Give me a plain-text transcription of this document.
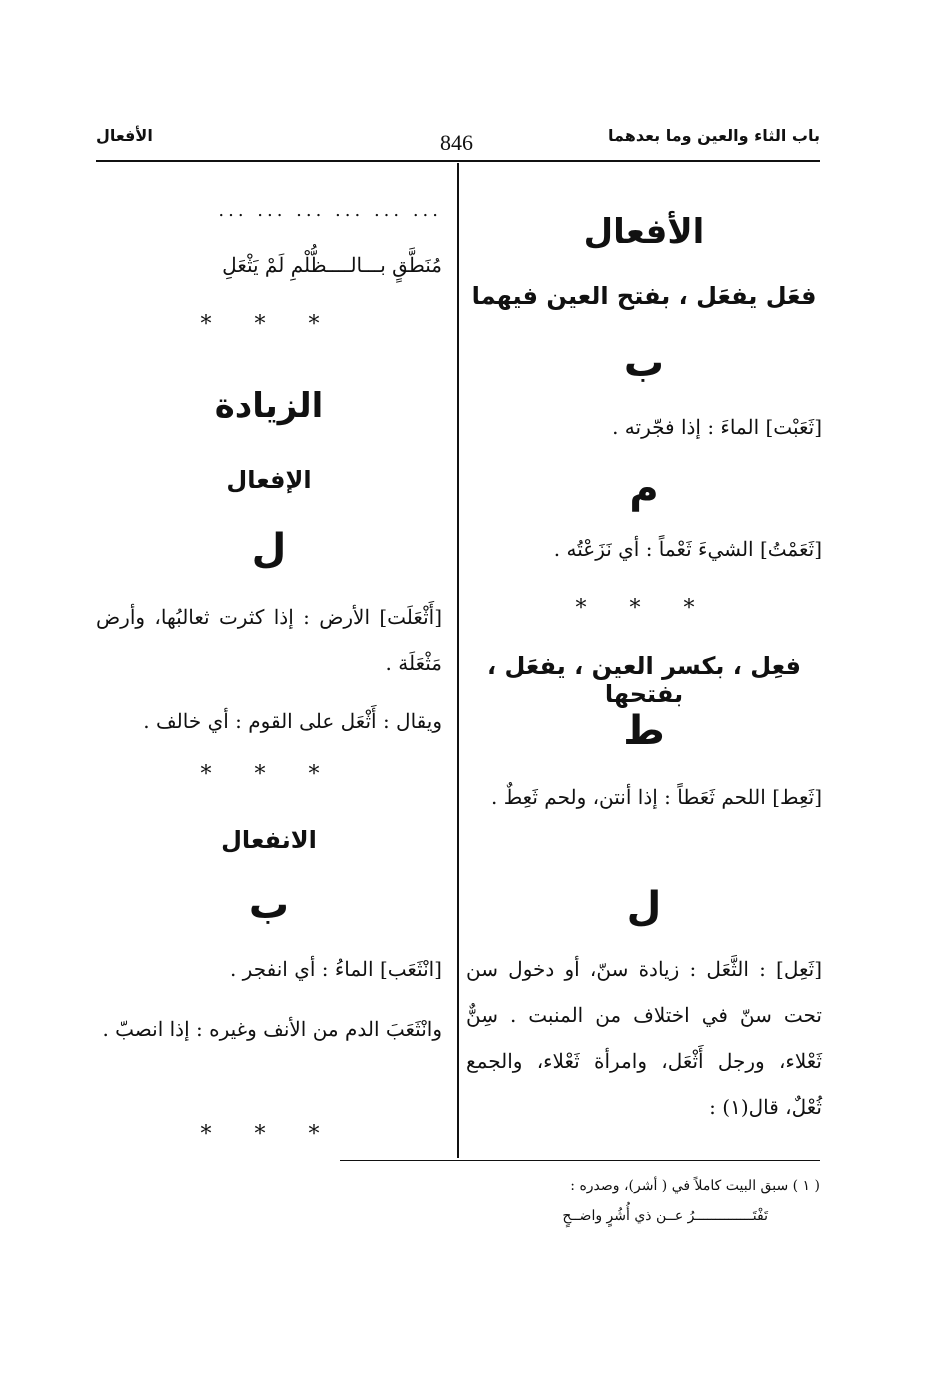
باب الثاء والعين وما بعدهما
846
الأفعال
الأفعال
فعَل يفعَل ، بفتح العين فيهما
ب
[ثَعَبْت] الماءَ : إذا فجّرته .
م
[ثَعَمْتُ] الشيءَ ثَعْماً : أي نَزَعْتُه .
* * *
فعِل ، بكسر العين ، يفعَل ، بفتحها
ط
[ثَعِط] اللحم ثَعَطاً : إذا أنتن، ولحم ثَعِطٌ .
ل
[ثَعِل] : الثَّعَل : زيادة سنّ، أو دخول سن تحت سنّ في اختلاف من المنبت . سِنٌّ ثَعْلاء، ورجل أَثْعَل، وامرأة ثَعْلاء، والجمع ثُعْلٌ، قال(١) :
... ... ... ... ... ...
مُنَطَّقٍ بـــالــــظُّلْمِ لَمْ يَثْعَلِ
* * *
الزيادة
الإفعال
ل
[أَثْعَلَت] الأرض : إذا كثرت ثعالبُها، وأرض مَثْعَلَة .
ويقال : أَثْعَل على القوم : أي خالف .
* * *
الانفعال
ب
[انْثَعَب] الماءُ : أي انفجر .
وانْثَعَبَ الدم من الأنف وغيره : إذا انصبّ .
* * *
( ١ ) سبق البيت كاملاً في ( أشر)، وصدره :
تَفْتَــــــــــــــرُ عــن ذي أُشُرٍ واضــحٍ
